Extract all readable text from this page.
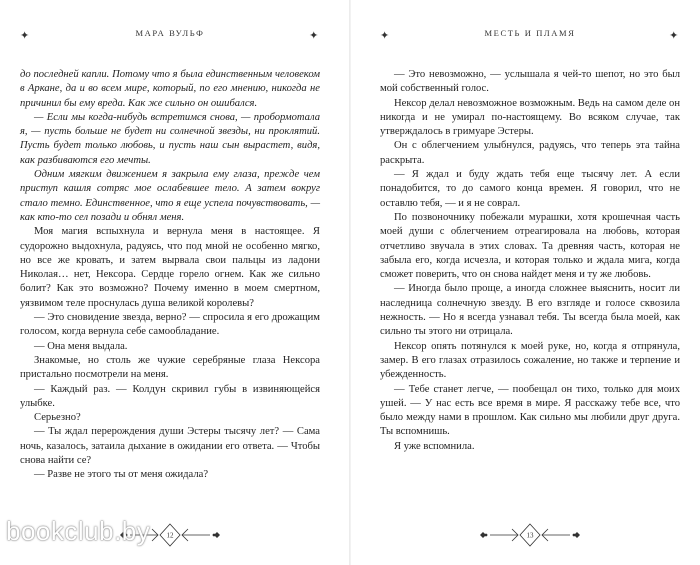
✦	МАРА ВУЛЬФ	✦

до последней капли. Потому что я была единственным человеком в Аркане, да и во всем мире, который, по его мнению, никогда не причинил бы ему вреда. Как же сильно он ошибался.

— Если мы когда-нибудь встретимся снова, — пробормотала я, — пусть больше не будет ни солнечной звезды, ни проклятий. Пусть будет только любовь, и пусть наш сын вырастет, видя, как разбиваются его мечты.

Одним мягким движением я закрыла ему глаза, прежде чем приступ кашля сотряс мое ослабевшее тело. А затем вокруг стало темно. Единственное, что я еще успела почувствовать, — как кто-то сел позади и обнял меня.

Моя магия вспыхнула и вернула меня в настоящее. Я судорожно выдохнула, радуясь, что под мной не особенно мягко, но все же кровать, и затем вырвала свои пальцы из ладони Николая… нет, Нексора. Сердце горело огнем. Как же сильно болит? Как это возможно? Почему именно в моем смертном, уязвимом теле проснулась душа великой королевы?

— Это сновидение звезда, верно? — спросила я его дрожащим голосом, когда вернула себе самообладание.

— Она меня выдала.

Знакомые, но столь же чужие серебряные глаза Нексора пристально посмотрели на меня.

— Каждый раз. — Колдун скривил губы в извиняющейся улыбке.

Серьезно?

— Ты ждал перерождения души Эстеры тысячу лет? — Сама ночь, казалось, затаила дыхание в ожидании его ответа. — Чтобы снова найти се?

— Разве не этого ты от меня ожидала?

12
✦	МЕСТЬ И ПЛАМЯ	✦

— Это невозможно, — услышала я чей-то шепот, но это был мой собственный голос.

Нексор делал невозможное возможным. Ведь на самом деле он никогда и не умирал по-настоящему. Во всяком случае, так утверждалось в гримуаре Эстеры.

Он с облегчением улыбнулся, радуясь, что теперь эта тайна раскрыта.

— Я ждал и буду ждать тебя еще тысячу лет. А если понадобится, то до самого конца времен. Я говорил, что не оставлю тебя, — и я не соврал.

По позвоночнику побежали мурашки, хотя крошечная часть моей души с облегчением отреагировала на любовь, которая отчетливо звучала в этих словах. Та древняя часть, которая не забыла его, когда исчезла, и которая только и ждала мига, когда сможет поверить, что он снова найдет меня и ту же любовь.

— Иногда было проще, а иногда сложнее выяснить, носит ли наследница солнечную звезду. В его взгляде и голосе сквозила нежность. — Но я всегда узнавал тебя. Ты всегда была моей, как сильно ты этого ни отрицала.

Нексор опять потянулся к моей руке, но, когда я отпрянула, замер. В его глазах отразилось сожаление, но также и терпение и убежденность.

— Тебе станет легче, — пообещал он тихо, только для моих ушей. — У нас есть все время в мире. Я расскажу тебе все, что было между нами в прошлом. Как сильно мы любили друг друга. Ты вспомнишь.

Я уже вспомнила.

13
bookclub.by
